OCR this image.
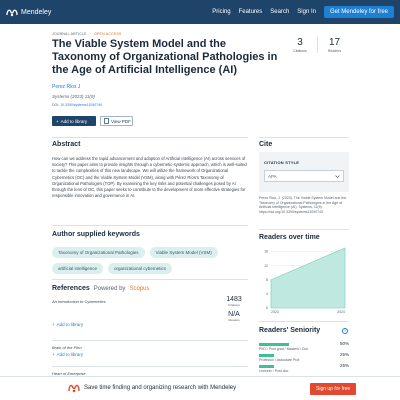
Mendeley	Pricing Features Search Sign In	Get Mendeley for free
JOURNAL ARTICLE · OPEN ACCESS
The Viable System Model and the Taxonomy of Organizational Pathologies in the Age of Artificial Intelligence (AI)
3
Citations
17
Readers
Perez Rios J
Systems (2023) 11(9)
DOI: 10.3390/systems11090749
+ Add to library	View PDF
Abstract
How can we address the rapid advancement and adoption of Artificial Intelligence (AI) across services of society? This paper aims to provide insights through a cybernetic-systemic approach, which is well-suited to tackle the complexities of this new landscape. We will utilize the framework of Organizational Cybernetics (OC) and the Viable System Model (VSM), along with Pérez Ríos's Taxonomy of Organizational Pathologies (TOP). By examining the key risks and potential challenges posed by AI through the lens of OC, this paper seeks to contribute to the development of more effective strategies for responsible innovation and governance in AI.
Author supplied keywords
Taxonomy of Organizational Pathologies	Viable System Model (VSM)
artificial intelligence	organizational cybernetics
References Powered by Scopus
An Introduction to Cybernetics	1483
Citations
N/A
Readers
+ Add to library
Brain of the Firm
+ Add to library
Heart of Enterprise
Cite
CITATION STYLE
APA
Perez Rios, J. (2023). The Viable System Model and the Taxonomy of Organizational Pathologies in the Age of Artificial Intelligence (AI). Systems, 11(9). https://doi.org/10.3390/systems11090749
Readers over time
0
4
8
12
16
2023	2024
Readers' Seniority	?
PhD / Post grad / Masters / Doc
50%
Professor / Associate Prof.
25%
Lecturer / Post doc
25%
Save time finding and organizing research with Mendeley	Sign up for free
